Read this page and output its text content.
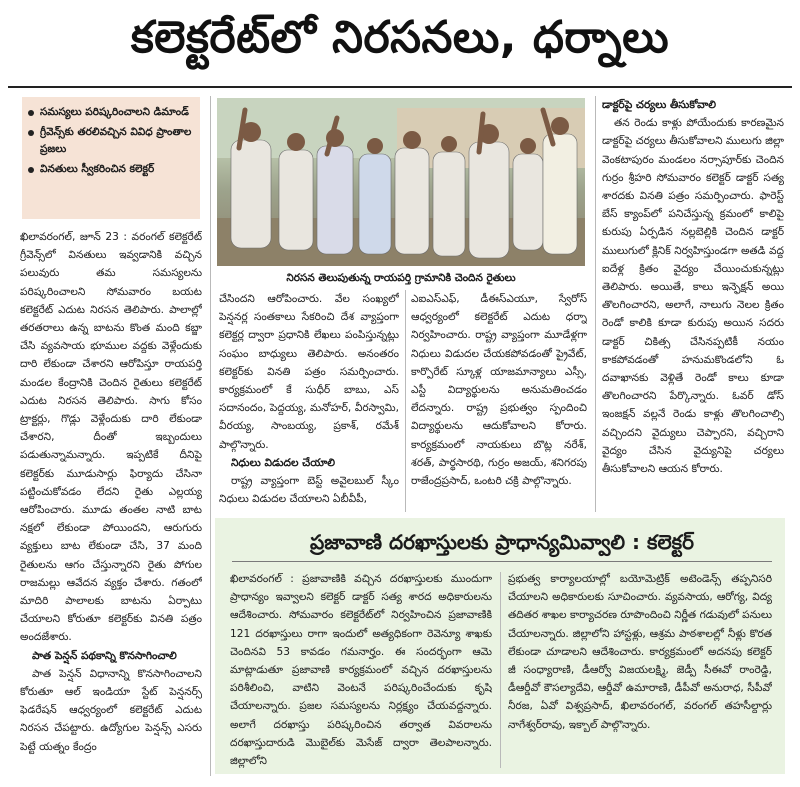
కలెక్టరేట్‌లో నిరసనలు, ధర్నాలు
సమస్యలు పరిష్కరించాలని డిమాండ్
గ్రీవెన్స్‌కు తరలివచ్చిన వివిధ ప్రాంతాల ప్రజలు
వినతులు స్వీకరించిన కలెక్టర్

ఖిలావరంగల్, జూన్ 23 : వరంగల్ కలెక్టరేట్ గ్రీవెన్స్‌లో వినతులు ఇవ్వడానికి వచ్చిన పలువురు తమ సమస్యలను పరిష్కరించాలని సోమవారం బయట కలెక్టరేట్ ఎదుట నిరసన తెలిపారు. పాలాల్లో తరతరాలు ఉన్న బాటను కొంత మంది కబ్జా చేసి వ్యవసాయ భూముల వద్దకు వెళ్లేందుకు దారి లేకుండా చేశారని ఆరోపిస్తూ రాయపర్తి మండల కేంద్రానికి చెందిన రైతులు కలెక్టరేట్ ఎదుట నిరసన తెలిపారు. సాగు కోసం ట్రాక్టర్లు, గొడ్లు వెళ్లేందుకు దారి లేకుండా చేశారని, దీంతో ఇబ్బందులు పడుతున్నామన్నారు. ఇప్పటికే దీనిపై కలెక్టర్‌కు మూడుసార్లు ఫిర్యాదు చేసినా పట్టించుకోవడం లేదని రైతు ఎల్లయ్య ఆరోపించారు. మూడు తంతల నాటి బాట నక్షలో లేకుండా పోయిందని, ఆరుగురు వ్యక్తులు బాట లేకుండా చేసి, 37 మంది రైతులను ఆగం చేస్తున్నారని రైతు పోగుల రాజమల్లు ఆవేదన వ్యక్తం చేశారు. గతంలో మాదిరి పాలాలకు బాటను ఏర్పాటు చేయాలని కోరుతూ కలెక్టర్‌కు వినతి పత్రం అందజేశారు.

పాత పెన్షన్ పథకాన్ని కొనసాగించాలి

పాత పెన్షన్ విధానాన్ని కొనసాగించాలని కోరుతూ ఆల్ ఇండియా స్టేట్ పెన్షనర్స్ ఫెడరేషన్ ఆధ్వర్యంలో కలెక్టరేట్ ఎదుట నిరసన చేపట్టారు. ఉద్యోగుల పెన్షన్స్ ఎసరు పెట్టే యత్నం కేంద్రం

నిరసన తెలుపుతున్న రాయపర్తి గ్రామానికి చెందిన రైతులు

చేసిందని ఆరోపించారు. వేల సంఖ్యలో పెన్షనర్ల సంతకాలు సేకరించి దేశ వ్యాప్తంగా కలెక్టర్ల ద్వారా ప్రధానికి లేఖలు పంపిస్తున్నట్లు సంఘం బాధ్యులు తెలిపారు. అనంతరం కలెక్టర్‌కు వినతి పత్రం సమర్పించారు. కార్యక్రమంలో కే సుధీర్ బాబు, ఎస్ సదానందం, పెద్దయ్య, మనోహర్, వీరస్వామి, వీరయ్య, సాంబయ్య, ప్రకాశ్, రమేశ్ పాల్గొన్నారు.

నిధులు విడుదల చేయాలి

రాష్ట్ర వ్యాప్తంగా బెస్ట్ అవైలబుల్ స్కీం నిధులు విడుదల చేయాలని ఏబీవీపీ,

ఎఐఎస్ఎఫ్, డీఈస్‌ఎయూ, స్వేరోస్ ఆధ్వర్యంలో కలెక్టరేట్ ఎదుట ధర్నా నిర్వహించారు. రాష్ట్ర వ్యాప్తంగా మూడేళ్లగా నిధులు విడుదల చేయకపోవడంతో ప్రైవేట్, కార్పొరేట్ స్కూళ్ల యాజమాన్యాలు ఎస్సీ, ఎస్టీ విద్యార్థులను అనుమతించడం లేదన్నారు. రాష్ట్ర ప్రభుత్వం స్పందించి విద్యార్థులను ఆదుకోవాలని కోరారు. కార్యక్రమంలో నాయకులు బొట్ల నరేశ్, శరత్, పార్థసారథి, గుర్రం అజయ్, శనిగరపు రాజేంద్రప్రసాద్, ఒంటరి చక్రి పాల్గొన్నారు.

డాక్టర్‌పై చర్యలు తీసుకోవాలి

తన రెండు కాళ్లు పోయేందుకు కారణమైన డాక్టర్‌పై చర్యలు తీసుకోవాలని ములుగు జిల్లా వెంకటాపురం మండలం నర్సాపూర్‌కు చెందిన గుర్రం శ్రీహరి సోమవారం కలెక్టర్ డాక్టర్ సత్య శారదకు వినతి పత్రం సమర్పించారు. ఫారెస్ట్ బేస్ క్యాంప్‌లో పనిచేస్తున్న క్రమంలో కాలిపై కురుపు ఏర్పడిన నల్లబెల్లికి చెందిన డాక్టర్ ములుగులో క్లినిక్ నిర్వహిస్తుండగా అతడి వద్ద ఐదేళ్ల క్రితం వైద్యం చేయించుకున్నట్లు తెలిపారు. అయితే, కాలు ఇన్ఫెక్షన్ అయి తొలగించారని, అలాగే, నాలుగు నెలల క్రితం రెండో కాలికి కూడా కురుపు అయిన సదరు డాక్టర్ చికిత్స చేసినప్పటికీ నయం కాకపోవడంతో హనుమకొండలోని ఓ దవాఖానకు వెళ్లితే రెండో కాలు కూడా తొలగించారని పేర్కొన్నారు. ఓవర్ డోస్ ఇంజక్షన్ వల్లనే రెండు కాళ్లు తొలగించాల్సి వచ్చిందని వైద్యులు చెప్పారని, వచ్చిరాని వైద్యం చేసిన వైద్యునిపై చర్యలు తీసుకోవాలని ఆయన కోరారు.

ప్రజావాణి దరఖాస్తులకు ప్రాధాన్యమివ్వాలి : కలెక్టర్

ఖిలావరంగల్ : ప్రజావాణికి వచ్చిన దరఖాస్తులకు ముందుగా ప్రాధాన్యం ఇవ్వాలని కలెక్టర్ డాక్టర్ సత్య శారద అధికారులను ఆదేశించారు. సోమవారం కలెక్టరేట్‌లో నిర్వహించిన ప్రజావాణికి 121 దరఖాస్తులు రాగా ఇందులో అత్యధికంగా రెవెన్యూ శాఖకు చెందినవి 53 కావడం గమనార్హం. ఈ సందర్భంగా ఆమె మాట్లాడుతూ ప్రజావాణి కార్యక్రమంలో వచ్చిన దరఖాస్తులను పరిశీలించి, వాటిని వెంటనే పరిష్కరించేందుకు కృషి చేయాలన్నారు. ప్రజల సమస్యలను నిర్లక్ష్యం చేయవద్దన్నారు. అలాగే దరఖాస్తు పరిష్కరించిన తర్వాత వివరాలను దరఖాస్తుదారుడి మొబైల్‌కు మెసేజ్ ద్వారా తెలపాలన్నారు. జిల్లాలోని

ప్రభుత్వ కార్యాలయాల్లో బయోమెట్రిక్ అటెండెన్స్ తప్పనిసరి చేయాలని అధికారులకు సూచించారు. వ్యవసాయ, ఆరోగ్య, విద్య తదితర శాఖల కార్యాచరణ రూపొందించి నిర్ణీత గడువులో పనులు చేయాలన్నారు. జిల్లాలోని హాస్టళ్లు, ఆశ్రమ పాఠశాలల్లో నీళ్లు కొరత లేకుండా చూడాలని ఆదేశించారు. కార్యక్రమంలో అదనపు కలెక్టర్ జీ సంధ్యారాణి, డీఆర్వో విజయలక్ష్మి, జెడ్పీ సీఈవో రాంరెడ్డి, డీఆర్డీవో కౌసల్యాదేవి, ఆర్డీవో ఉమారాణి, డీపీవో అనురాధ, సీపీవో నీరజ, ఏవో విశ్వప్రసాద్, ఖిలావరంగల్, వరంగల్ తహసీల్దార్లు నాగేశ్వర్‌రావు, ఇక్బాల్ పాల్గొన్నారు.
